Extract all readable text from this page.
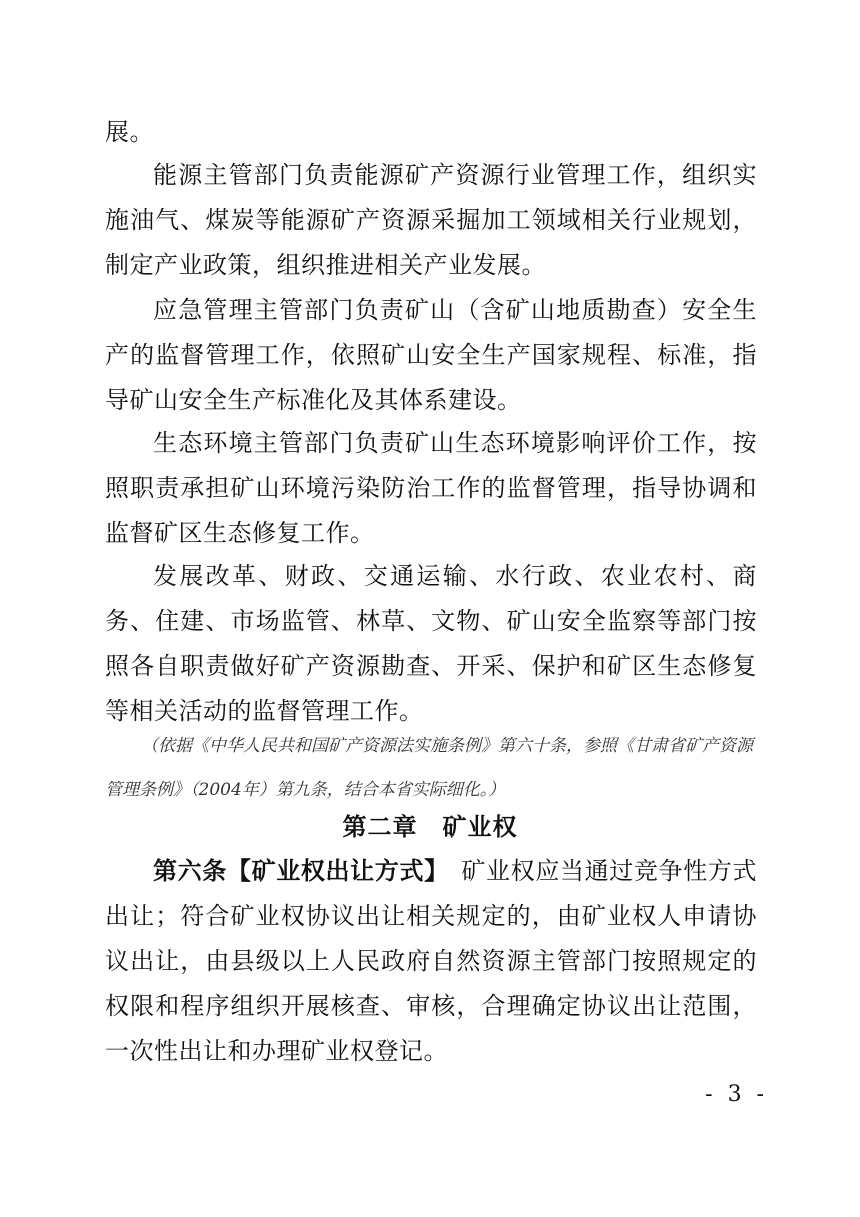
展。

能源主管部门负责能源矿产资源行业管理工作，组织实施油气、煤炭等能源矿产资源采掘加工领域相关行业规划，制定产业政策，组织推进相关产业发展。

应急管理主管部门负责矿山（含矿山地质勘查）安全生产的监督管理工作，依照矿山安全生产国家规程、标准，指导矿山安全生产标准化及其体系建设。

生态环境主管部门负责矿山生态环境影响评价工作，按照职责承担矿山环境污染防治工作的监督管理，指导协调和监督矿区生态修复工作。

发展改革、财政、交通运输、水行政、农业农村、商务、住建、市场监管、林草、文物、矿山安全监察等部门按照各自职责做好矿产资源勘查、开采、保护和矿区生态修复等相关活动的监督管理工作。

（依据《中华人民共和国矿产资源法实施条例》第六十条，参照《甘肃省矿产资源管理条例》（2004年）第九条，结合本省实际细化。）

第二章　矿业权

第六条【矿业权出让方式】　矿业权应当通过竞争性方式出让；符合矿业权协议出让相关规定的，由矿业权人申请协议出让，由县级以上人民政府自然资源主管部门按照规定的权限和程序组织开展核查、审核，合理确定协议出让范围，一次性出让和办理矿业权登记。

- 3 -
